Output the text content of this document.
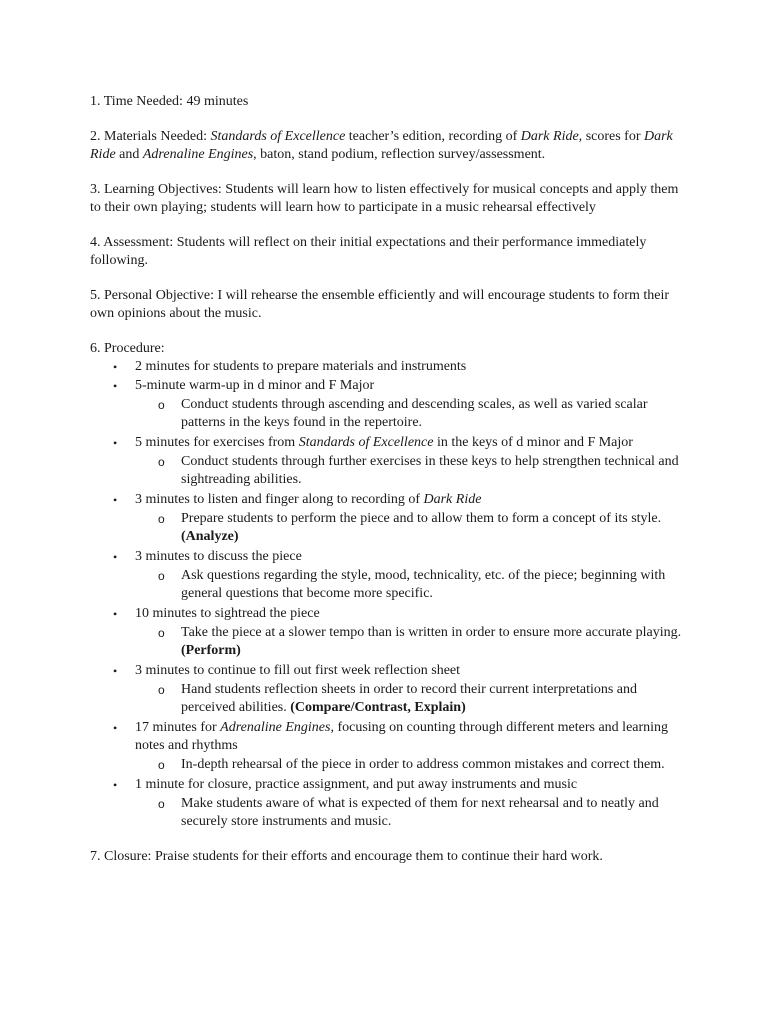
1. Time Needed: 49 minutes

2. Materials Needed: Standards of Excellence teacher’s edition, recording of Dark Ride, scores for Dark Ride and Adrenaline Engines, baton, stand podium, reflection survey/assessment.

3. Learning Objectives: Students will learn how to listen effectively for musical concepts and apply them to their own playing; students will learn how to participate in a music rehearsal effectively

4. Assessment: Students will reflect on their initial expectations and their performance immediately following.

5. Personal Objective: I will rehearse the ensemble efficiently and will encourage students to form their own opinions about the music.

6. Procedure:

• 2 minutes for students to prepare materials and instruments
• 5-minute warm-up in d minor and F Major
o Conduct students through ascending and descending scales, as well as varied scalar patterns in the keys found in the repertoire.
• 5 minutes for exercises from Standards of Excellence in the keys of d minor and F Major
o Conduct students through further exercises in these keys to help strengthen technical and sightreading abilities.
• 3 minutes to listen and finger along to recording of Dark Ride
o Prepare students to perform the piece and to allow them to form a concept of its style. (Analyze)
• 3 minutes to discuss the piece
o Ask questions regarding the style, mood, technicality, etc. of the piece; beginning with general questions that become more specific.
• 10 minutes to sightread the piece
o Take the piece at a slower tempo than is written in order to ensure more accurate playing. (Perform)
• 3 minutes to continue to fill out first week reflection sheet
o Hand students reflection sheets in order to record their current interpretations and perceived abilities. (Compare/Contrast, Explain)
• 17 minutes for Adrenaline Engines, focusing on counting through different meters and learning notes and rhythms
o In-depth rehearsal of the piece in order to address common mistakes and correct them.
• 1 minute for closure, practice assignment, and put away instruments and music
o Make students aware of what is expected of them for next rehearsal and to neatly and securely store instruments and music.

7. Closure: Praise students for their efforts and encourage them to continue their hard work.
